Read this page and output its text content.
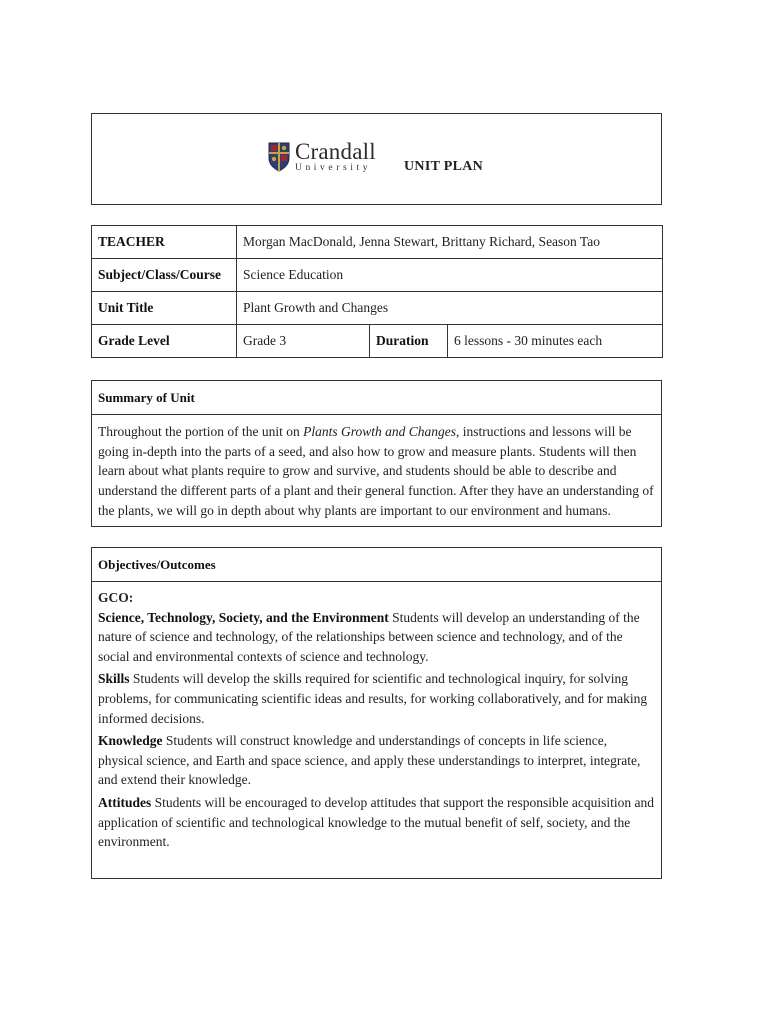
Crandall
University	UNIT PLAN
TEACHER	Morgan MacDonald, Jenna Stewart, Brittany Richard, Season Tao		
Subject/Class/Course	Science Education		
Unit Title	Plant Growth and Changes		
Grade Level	Grade 3	Duration	6 lessons - 30 minutes each
Summary of Unit
Throughout the portion of the unit on Plants Growth and Changes, instructions and lessons will be going in-depth into the parts of a seed, and also how to grow and measure plants. Students will then learn about what plants require to grow and survive, and students should be able to describe and understand the different parts of a plant and their general function. After they have an understanding of the plants, we will go in depth about why plants are important to our environment and humans.
Objectives/Outcomes
GCO:

Science, Technology, Society, and the Environment Students will develop an understanding of the nature of science and technology, of the relationships between science and technology, and of the social and environmental contexts of science and technology.

Skills Students will develop the skills required for scientific and technological inquiry, for solving problems, for communicating scientific ideas and results, for working collaboratively, and for making informed decisions.

Knowledge Students will construct knowledge and understandings of concepts in life science, physical science, and Earth and space science, and apply these understandings to interpret, integrate, and extend their knowledge.

Attitudes Students will be encouraged to develop attitudes that support the responsible acquisition and application of scientific and technological knowledge to the mutual benefit of self, society, and the environment.
